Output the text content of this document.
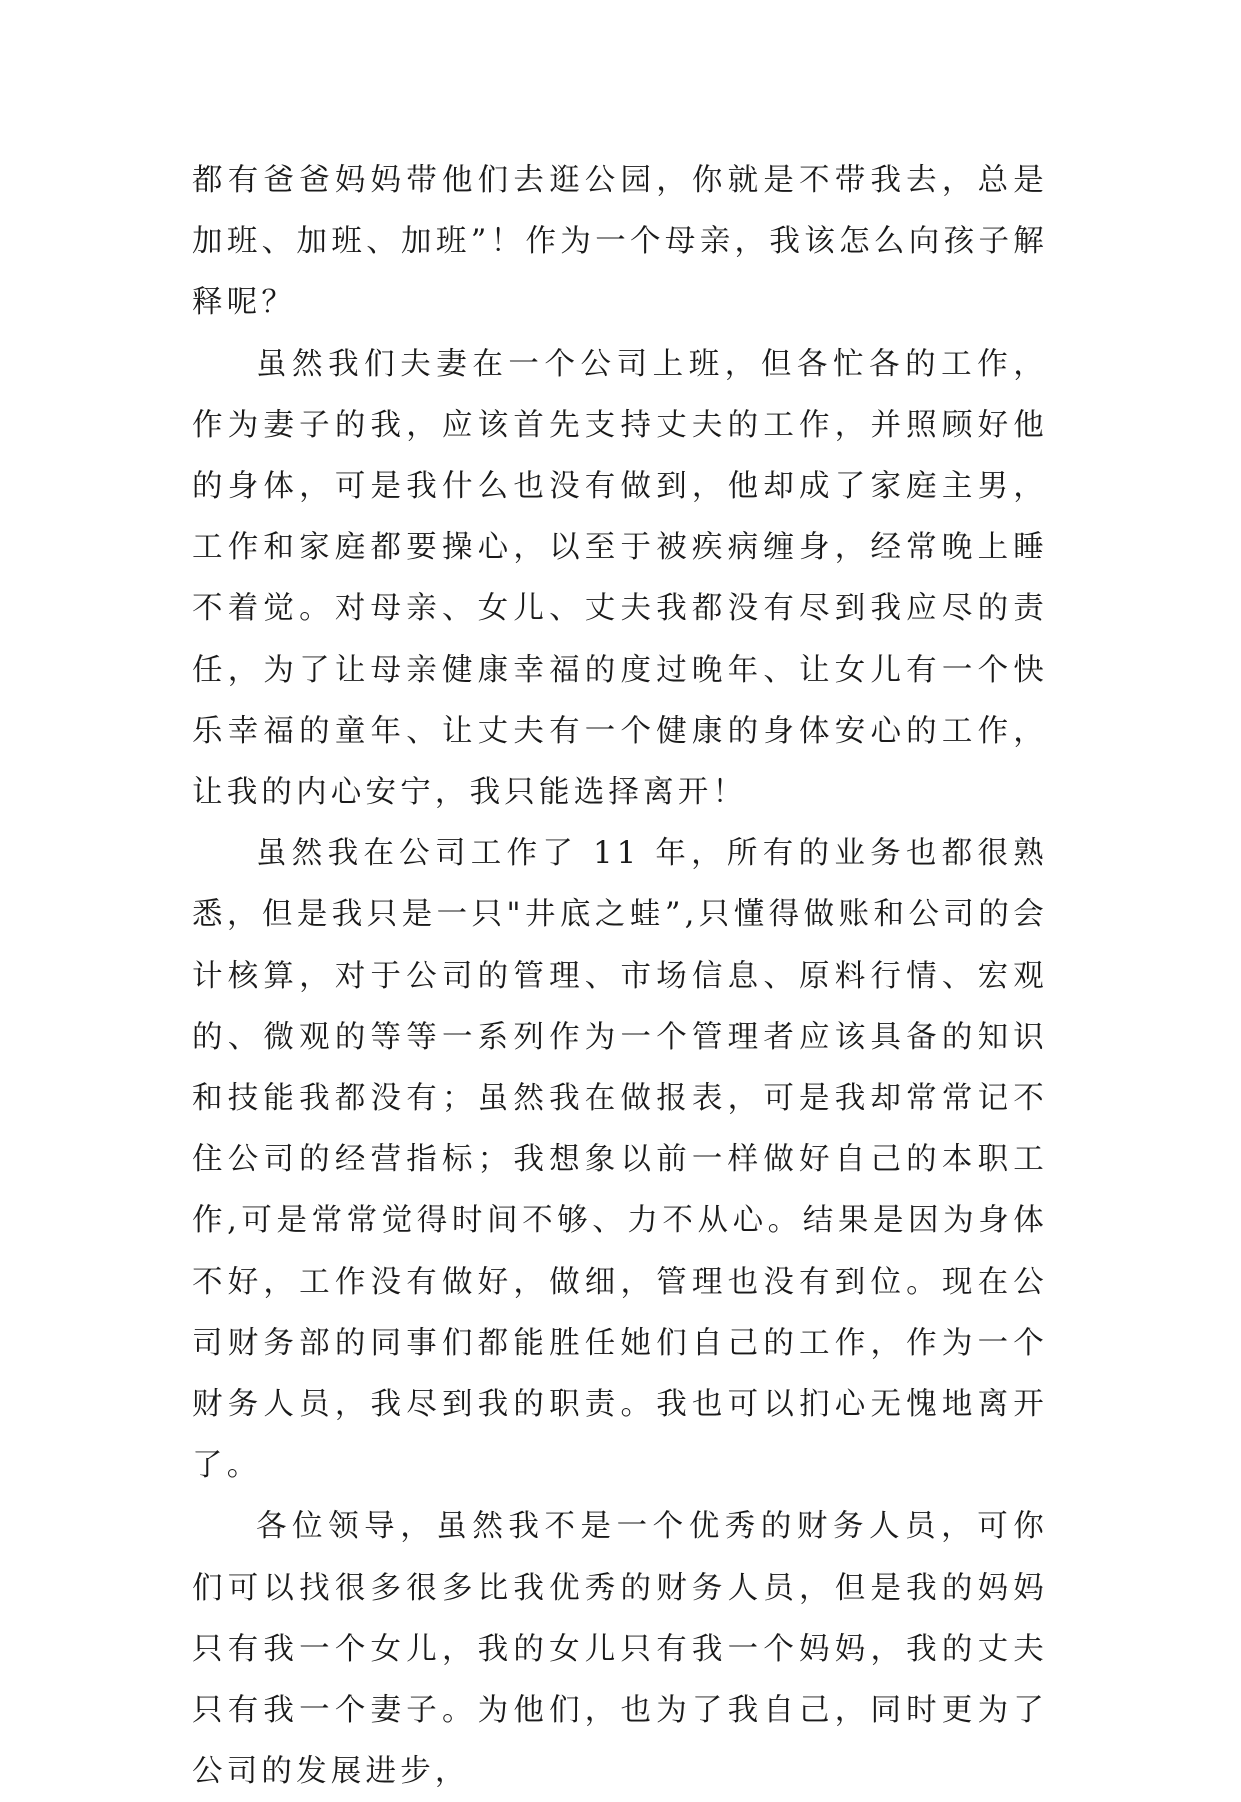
都有爸爸妈妈带他们去逛公园，你就是不带我去，总是加班、加班、加班”！作为一个母亲，我该怎么向孩子解释呢？

虽然我们夫妻在一个公司上班，但各忙各的工作，作为妻子的我，应该首先支持丈夫的工作，并照顾好他的身体，可是我什么也没有做到，他却成了家庭主男，工作和家庭都要操心，以至于被疾病缠身，经常晚上睡不着觉。对母亲、女儿、丈夫我都没有尽到我应尽的责任，为了让母亲健康幸福的度过晚年、让女儿有一个快乐幸福的童年、让丈夫有一个健康的身体安心的工作，让我的内心安宁，我只能选择离开！

虽然我在公司工作了 11 年，所有的业务也都很熟悉，但是我只是一只"井底之蛙”,只懂得做账和公司的会计核算，对于公司的管理、市场信息、原料行情、宏观的、微观的等等一系列作为一个管理者应该具备的知识和技能我都没有；虽然我在做报表，可是我却常常记不住公司的经营指标；我想象以前一样做好自己的本职工作,可是常常觉得时间不够、力不从心。结果是因为身体不好，工作没有做好，做细，管理也没有到位。现在公司财务部的同事们都能胜任她们自己的工作，作为一个财务人员，我尽到我的职责。我也可以扪心无愧地离开了。

各位领导，虽然我不是一个优秀的财务人员，可你们可以找很多很多比我优秀的财务人员，但是我的妈妈只有我一个女儿，我的女儿只有我一个妈妈，我的丈夫只有我一个妻子。为他们，也为了我自己，同时更为了公司的发展进步，
